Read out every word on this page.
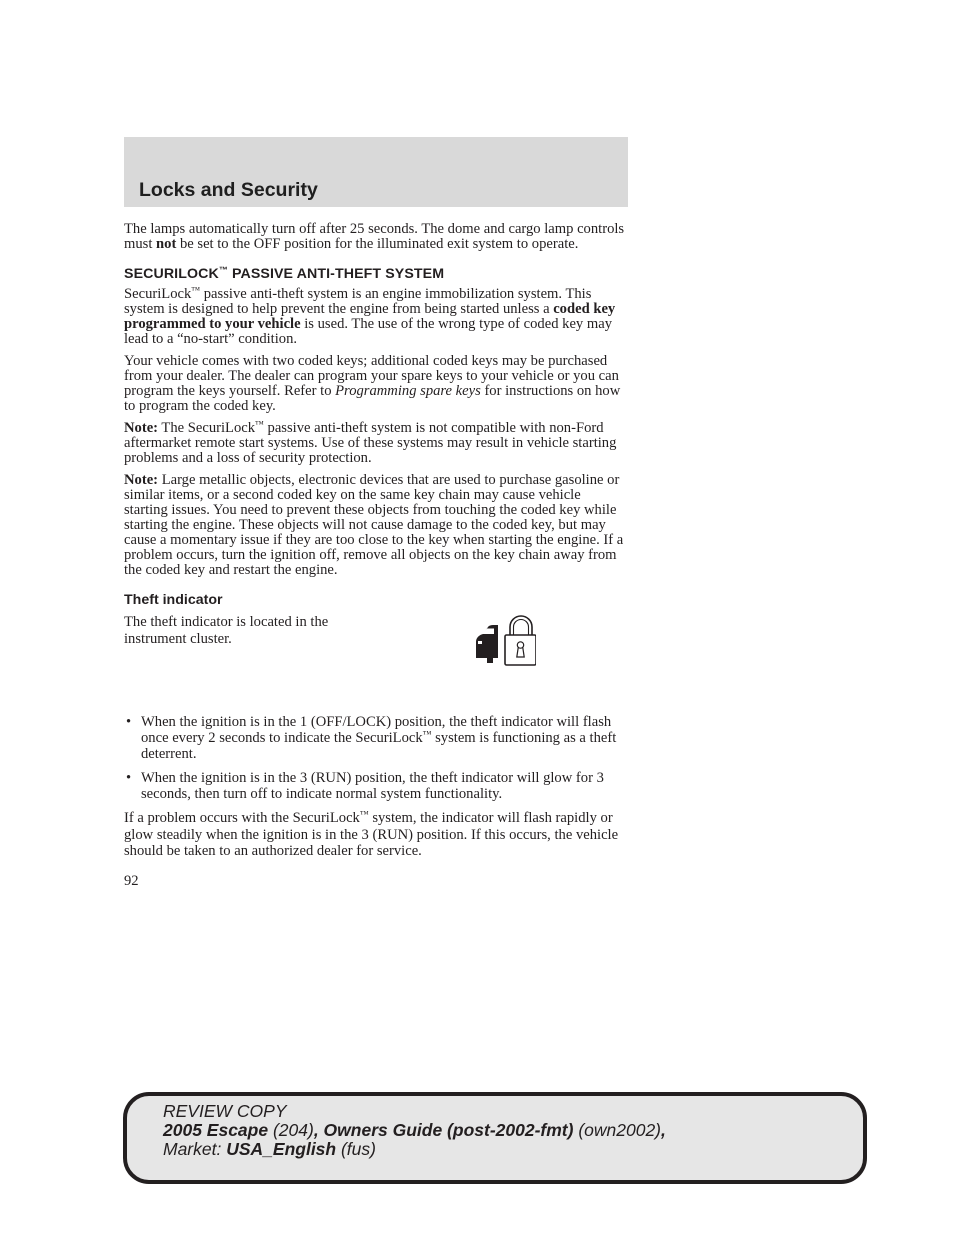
Locks and Security

The lamps automatically turn off after 25 seconds. The dome and cargo lamp controls must not be set to the OFF position for the illuminated exit system to operate.

SECURILOCK™ PASSIVE ANTI-THEFT SYSTEM

SecuriLock™ passive anti-theft system is an engine immobilization system. This system is designed to help prevent the engine from being started unless a coded key programmed to your vehicle is used. The use of the wrong type of coded key may lead to a “no-start” condition.

Your vehicle comes with two coded keys; additional coded keys may be purchased from your dealer. The dealer can program your spare keys to your vehicle or you can program the keys yourself. Refer to Programming spare keys for instructions on how to program the coded key.

Note: The SecuriLock™ passive anti-theft system is not compatible with non-Ford aftermarket remote start systems. Use of these systems may result in vehicle starting problems and a loss of security protection.

Note: Large metallic objects, electronic devices that are used to purchase gasoline or similar items, or a second coded key on the same key chain may cause vehicle starting issues. You need to prevent these objects from touching the coded key while starting the engine. These objects will not cause damage to the coded key, but may cause a momentary issue if they are too close to the key when starting the engine. If a problem occurs, turn the ignition off, remove all objects on the key chain away from the coded key and restart the engine.

Theft indicator

The theft indicator is located in the instrument cluster.

• When the ignition is in the 1 (OFF/LOCK) position, the theft indicator will flash once every 2 seconds to indicate the SecuriLock™ system is functioning as a theft deterrent.
• When the ignition is in the 3 (RUN) position, the theft indicator will glow for 3 seconds, then turn off to indicate normal system functionality.

If a problem occurs with the SecuriLock™ system, the indicator will flash rapidly or glow steadily when the ignition is in the 3 (RUN) position. If this occurs, the vehicle should be taken to an authorized dealer for service.

92

REVIEW COPY
2005 Escape (204), Owners Guide (post-2002-fmt) (own2002),
Market: USA_English (fus)
